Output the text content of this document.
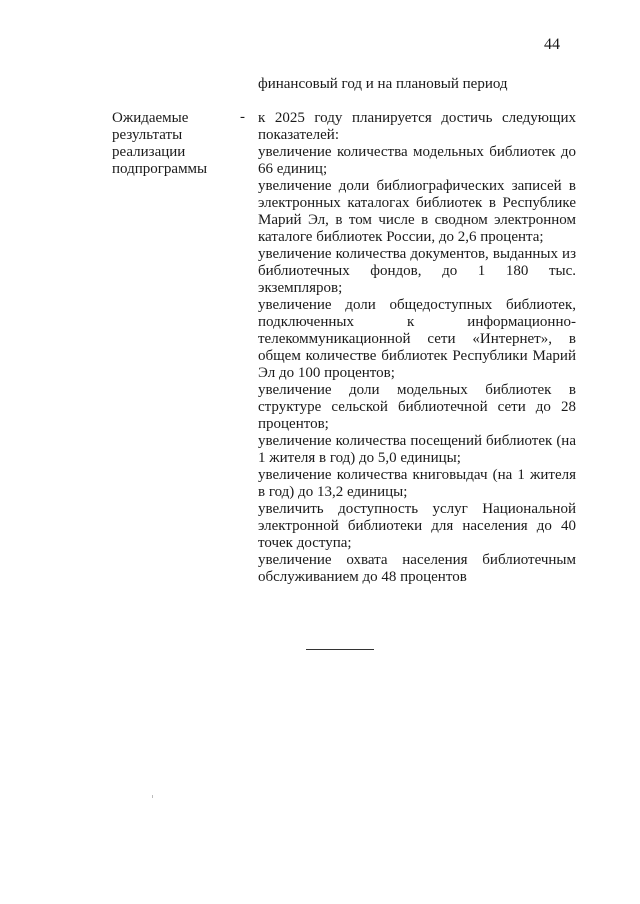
44
финансовый год и на плановый период
Ожидаемые
результаты
реализации
подпрограммы
- к 2025 году планируется достичь следующих показателей:

увеличение количества модельных библиотек до 66 единиц;

увеличение доли библиографических записей в электронных каталогах библиотек в Республике Марий Эл, в том числе в сводном электронном каталоге библиотек России, до 2,6 процента;

увеличение количества документов, выданных из библиотечных фондов, до 1 180 тыс. экземпляров;

увеличение доли общедоступных библиотек, подключенных к информационно-телекоммуникационной сети «Интернет», в общем количестве библиотек Республики Марий Эл до 100 процентов;

увеличение доли модельных библиотек в структуре сельской библиотечной сети до 28 процентов;

увеличение количества посещений библиотек (на 1 жителя в год) до 5,0 единицы;

увеличение количества книговыдач (на 1 жителя в год) до 13,2 единицы;

увеличить доступность услуг Национальной электронной библиотеки для населения до 40 точек доступа;

увеличение охвата населения библиотечным обслуживанием до 48 процентов
